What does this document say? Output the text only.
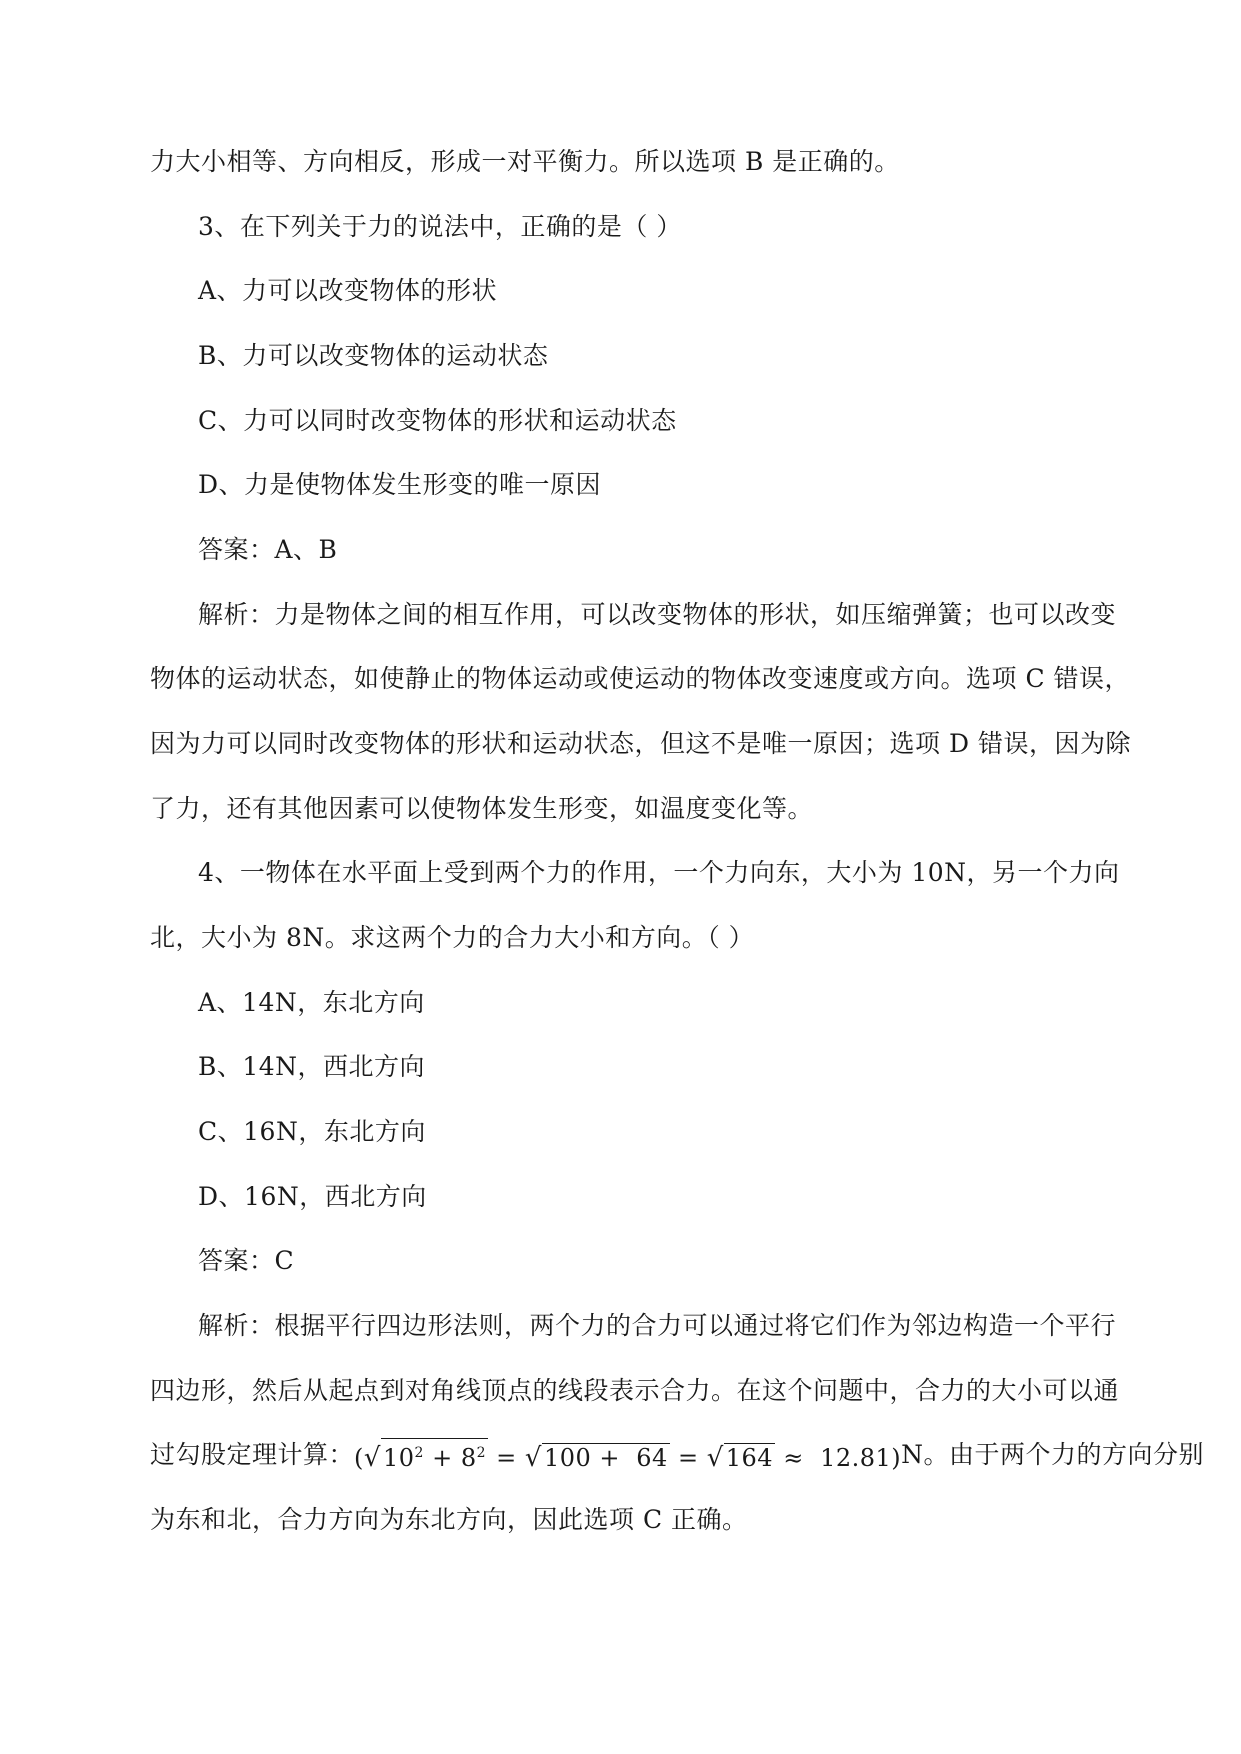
力大小相等、方向相反，形成一对平衡力。所以选项 B 是正确的。
3、在下列关于力的说法中，正确的是（ ）
A、力可以改变物体的形状
B、力可以改变物体的运动状态
C、力可以同时改变物体的形状和运动状态
D、力是使物体发生形变的唯一原因
答案：A、B
解析：力是物体之间的相互作用，可以改变物体的形状，如压缩弹簧；也可以改变
物体的运动状态，如使静止的物体运动或使运动的物体改变速度或方向。选项 C 错误，
因为力可以同时改变物体的形状和运动状态，但这不是唯一原因；选项 D 错误，因为除
了力，还有其他因素可以使物体发生形变，如温度变化等。
4、一物体在水平面上受到两个力的作用，一个力向东，大小为 10N，另一个力向
北，大小为 8N。求这两个力的合力大小和方向。（ ）
A、14N，东北方向
B、14N，西北方向
C、16N，东北方向
D、16N，西北方向
答案：C
解析：根据平行四边形法则，两个力的合力可以通过将它们作为邻边构造一个平行
四边形，然后从起点到对角线顶点的线段表示合力。在这个问题中，合力的大小可以通
过勾股定理计算：$(√10^2 + 8^2 = √100 + 64 = √164 \approx 12.81)N$。由于两个力的方向分别
为东和北，合力方向为东北方向，因此选项 C 正确。
